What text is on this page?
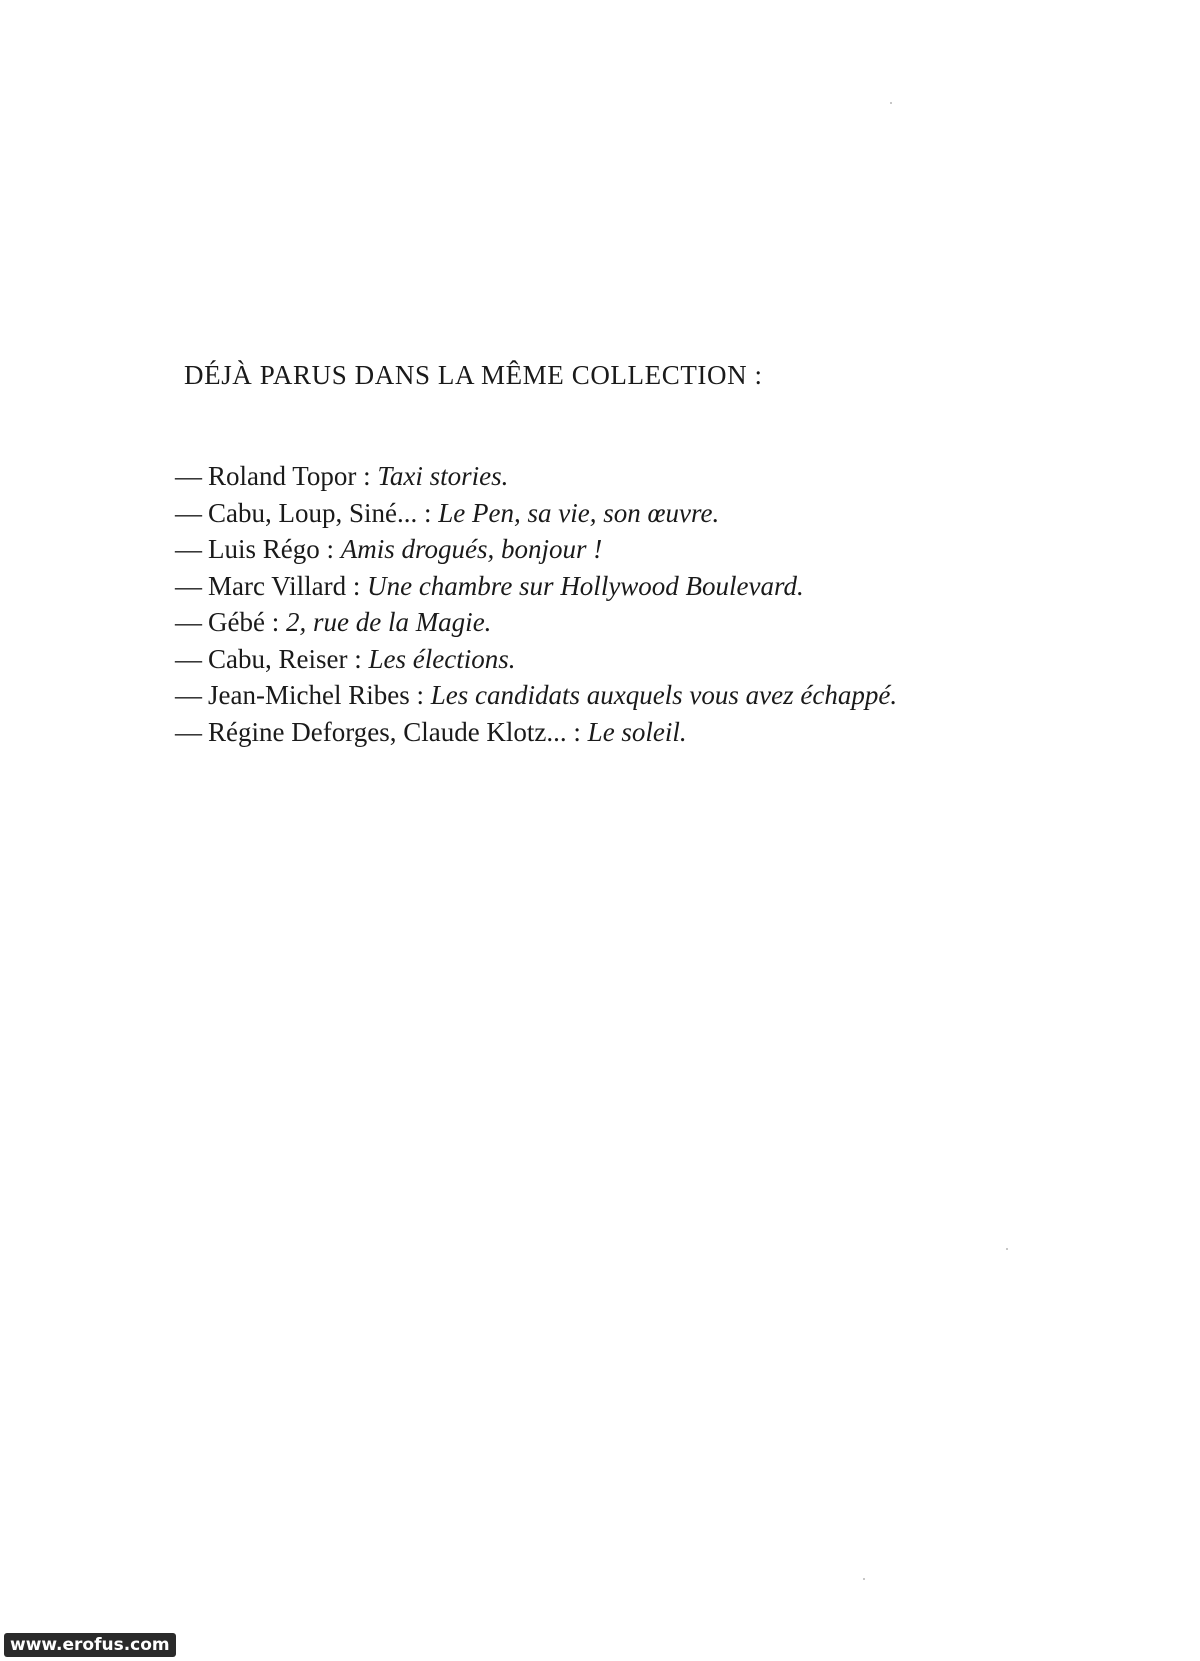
DÉJÀ PARUS DANS LA MÊME COLLECTION :
— Roland Topor : Taxi stories.
— Cabu, Loup, Siné... : Le Pen, sa vie, son œuvre.
— Luis Régo : Amis drogués, bonjour !
— Marc Villard : Une chambre sur Hollywood Boulevard.
— Gébé : 2, rue de la Magie.
— Cabu, Reiser : Les élections.
— Jean-Michel Ribes : Les candidats auxquels vous avez échappé.
— Régine Deforges, Claude Klotz... : Le soleil.
www.erofus.com
